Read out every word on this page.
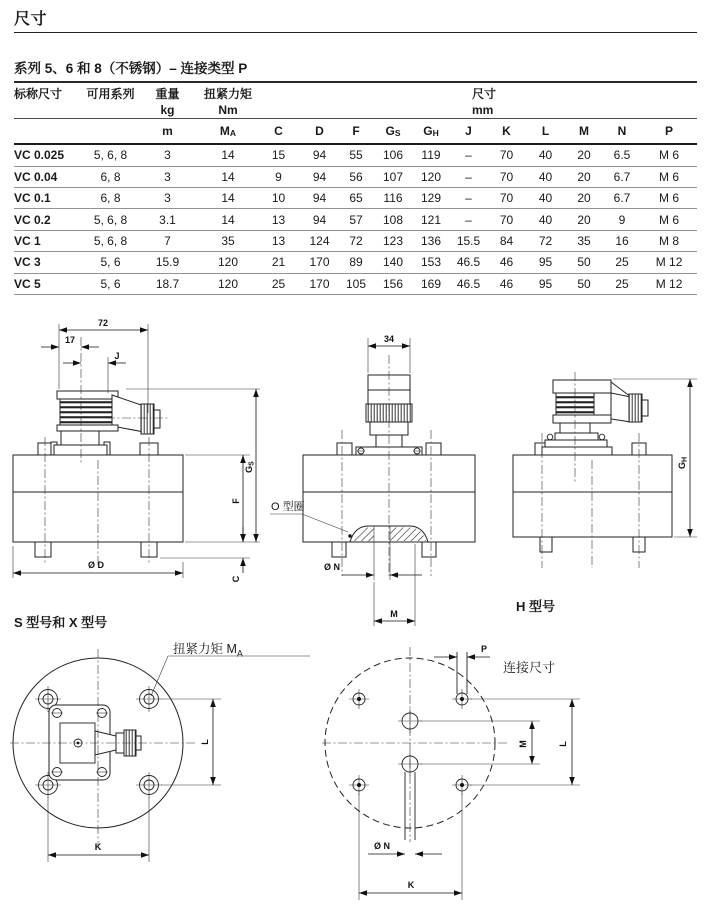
尺寸
系列 5、6 和 8（不锈钢）– 连接类型 P
标称尺寸	可用系列	重量
kg	扭紧力矩
Nm						尺寸
mm					

		m	$M_A$	C	D	F	$G_S$	$G_H$	J	K	L	M	N	P
VC 0.025	5, 6, 8	3	14	15	94	55	106	119	–	70	40	20	6.5	M 6
VC 0.04	6, 8	3	14	9	94	56	107	120	–	70	40	20	6.7	M 6
VC 0.1	6, 8	3	14	10	94	65	116	129	–	70	40	20	6.7	M 6
VC 0.2	5, 6, 8	3.1	14	13	94	57	108	121	–	70	40	20	9	M 6
VC 1	5, 6, 8	7	35	13	124	72	123	136	15.5	84	72	35	16	M 8
VC 3	5, 6	15.9	120	21	170	89	140	153	46.5	46	95	50	25	M 12
VC 5	5, 6	18.7	120	25	170	105	156	169	46.5	46	95	50	25	M 12
72
17
J
F
GS
C
Ø D
S 型号和 X 型号
34
O 型圈
Ø N
M
GH
H 型号
L
K
扭紧力矩 $M_A$	P
Ø N
M	L
K
连接尺寸
